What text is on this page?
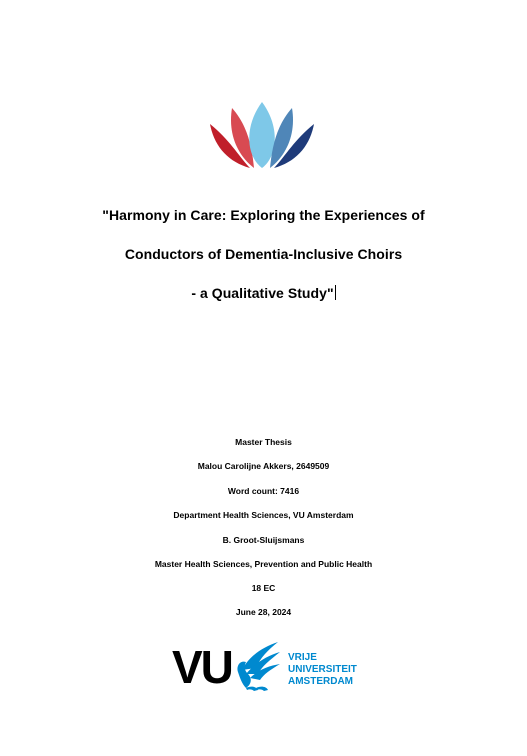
"Harmony in Care: Exploring the Experiences of
Conductors of Dementia-Inclusive Choirs
- a Qualitative Study"
Master Thesis
Malou Carolijne Akkers, 2649509
Word count: 7416
Department Health Sciences, VU Amsterdam
B. Groot-Sluijsmans
Master Health Sciences, Prevention and Public Health
18 EC
June 28, 2024
VU	VRIJE
UNIVERSITEIT
AMSTERDAM
